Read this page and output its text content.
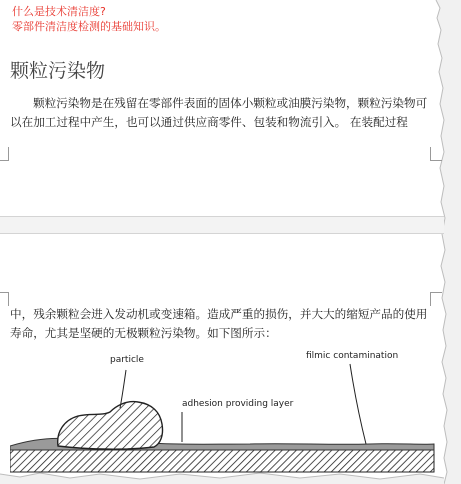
什么是技术清洁度?
零部件清洁度检测的基础知识。
颗粒污染物
颗粒污染物是在残留在零部件表面的固体小颗粒或油膜污染物，颗粒污染物可
以在加工过程中产生，也可以通过供应商零件、包装和物流引入。 在装配过程
中，残余颗粒会进入发动机或变速箱。造成严重的损伤，并大大的缩短产品的使用
寿命，尤其是坚硬的无极颗粒污染物。如下图所示：
particle
adhesion providing layer
filmic contamination
